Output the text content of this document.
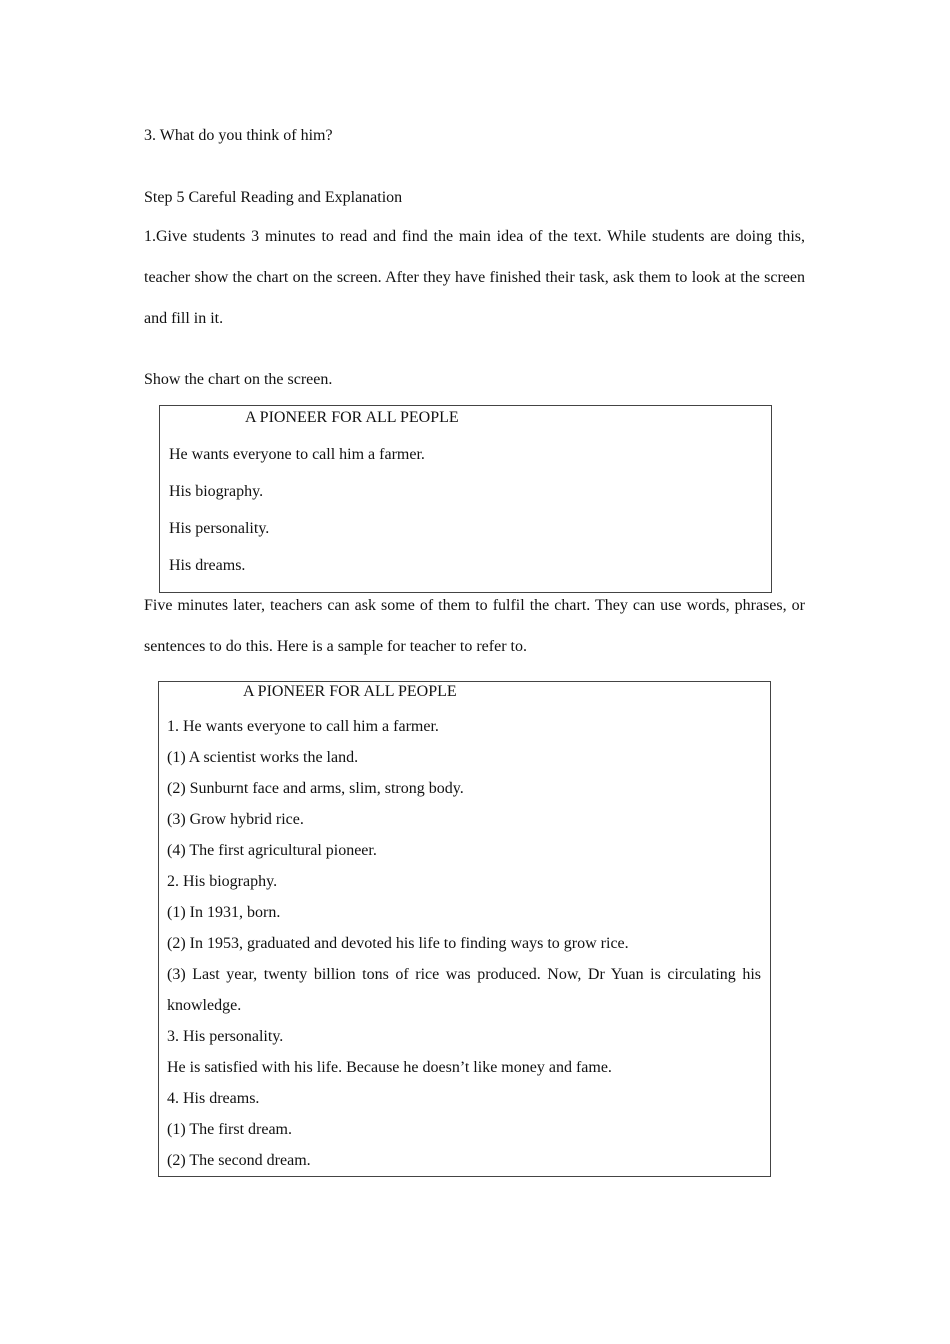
3. What do you think of him?
Step 5 Careful Reading and Explanation
1.Give students 3 minutes to read and find the main idea of the text. While students are doing this, teacher show the chart on the screen. After they have finished their task, ask them to look at the screen and fill in it.
Show the chart on the screen.
A PIONEER FOR ALL PEOPLE
He wants everyone to call him a farmer.
His biography.
His personality.
His dreams.
Five minutes later, teachers can ask some of them to fulfil the chart. They can use words, phrases, or sentences to do this. Here is a sample for teacher to refer to.
A PIONEER FOR ALL PEOPLE
1. He wants everyone to call him a farmer.
(1) A scientist works the land.
(2) Sunburnt face and arms, slim, strong body.
(3) Grow hybrid rice.
(4) The first agricultural pioneer.
2. His biography.
(1) In 1931, born.
(2) In 1953, graduated and devoted his life to finding ways to grow rice.
(3) Last year, twenty billion tons of rice was produced. Now, Dr Yuan is circulating his knowledge.
3. His personality.
He is satisfied with his life. Because he doesn’t like money and fame.
4. His dreams.
(1) The first dream.
(2) The second dream.
